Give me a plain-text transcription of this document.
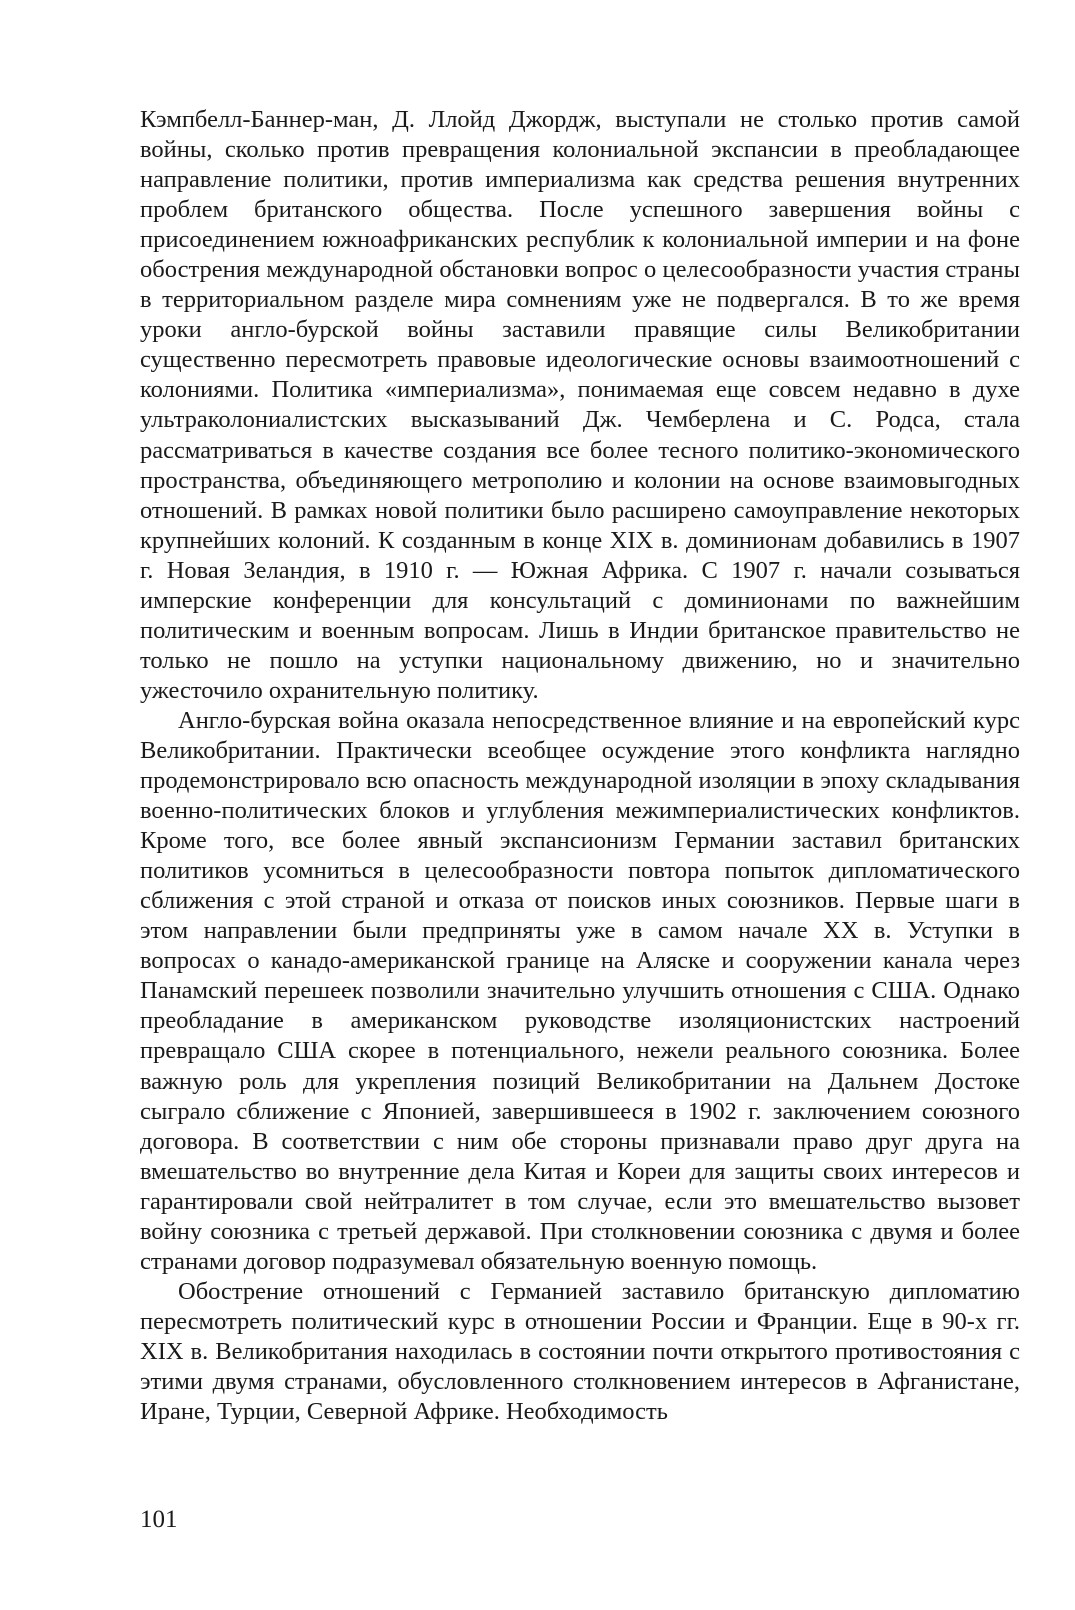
Кэмпбелл-Баннер-ман, Д. Ллойд Джордж, выступали не столько против самой войны, сколько против превращения колониальной экспансии в преобладающее направление политики, против империализма как средства решения внутренних проблем британского общества. После успешного завершения войны с присоединением южноафриканских республик к колониальной империи и на фоне обострения международной обстановки вопрос о целесообразности участия страны в территориальном разделе мира сомнениям уже не подвергался. В то же время уроки англо-бурской войны заставили правящие силы Великобритании существенно пересмотреть правовые идеологические основы взаимоотношений с колониями. Политика «империализма», понимаемая еще совсем недавно в духе ультраколониалистских высказываний Дж. Чемберлена и С. Родса, стала рассматриваться в качестве создания все более тесного политико-экономического пространства, объединяющего метрополию и колонии на основе взаимовыгодных отношений. В рамках новой политики было расширено самоуправление некоторых крупнейших колоний. К созданным в конце XIX в. доминионам добавились в 1907 г. Новая Зеландия, в 1910 г. — Южная Африка. С 1907 г. начали созываться имперские конференции для консультаций с доминионами по важнейшим политическим и военным вопросам. Лишь в Индии британское правительство не только не пошло на уступки национальному движению, но и значительно ужесточило охранительную политику.

Англо-бурская война оказала непосредственное влияние и на европейский курс Великобритании. Практически всеобщее осуждение этого конфликта наглядно продемонстрировало всю опасность международной изоляции в эпоху складывания военно-политических блоков и углубления межимпериалистических конфликтов. Кроме того, все более явный экспансионизм Германии заставил британских политиков усомниться в целесообразности повтора попыток дипломатического сближения с этой страной и отказа от поисков иных союзников. Первые шаги в этом направлении были предприняты уже в самом начале XX в. Уступки в вопросах о канадо-американской границе на Аляске и сооружении канала через Панамский перешеек позволили значительно улучшить отношения с США. Однако преобладание в американском руководстве изоляционистских настроений превращало США скорее в потенциального, нежели реального союзника. Более важную роль для укрепления позиций Великобритании на Дальнем Достоке сыграло сближение с Японией, завершившееся в 1902 г. заключением союзного договора. В соответствии с ним обе стороны признавали право друг друга на вмешательство во внутренние дела Китая и Кореи для защиты своих интересов и гарантировали свой нейтралитет в том случае, если это вмешательство вызовет войну союзника с третьей державой. При столкновении союзника с двумя и более странами договор подразумевал обязательную военную помощь.

Обострение отношений с Германией заставило британскую дипломатию пересмотреть политический курс в отношении России и Франции. Еще в 90-х гг. XIX в. Великобритания находилась в состоянии почти открытого противостояния с этими двумя странами, обусловленного столкновением интересов в Афганистане, Иране, Турции, Северной Африке. Необходимость

101
